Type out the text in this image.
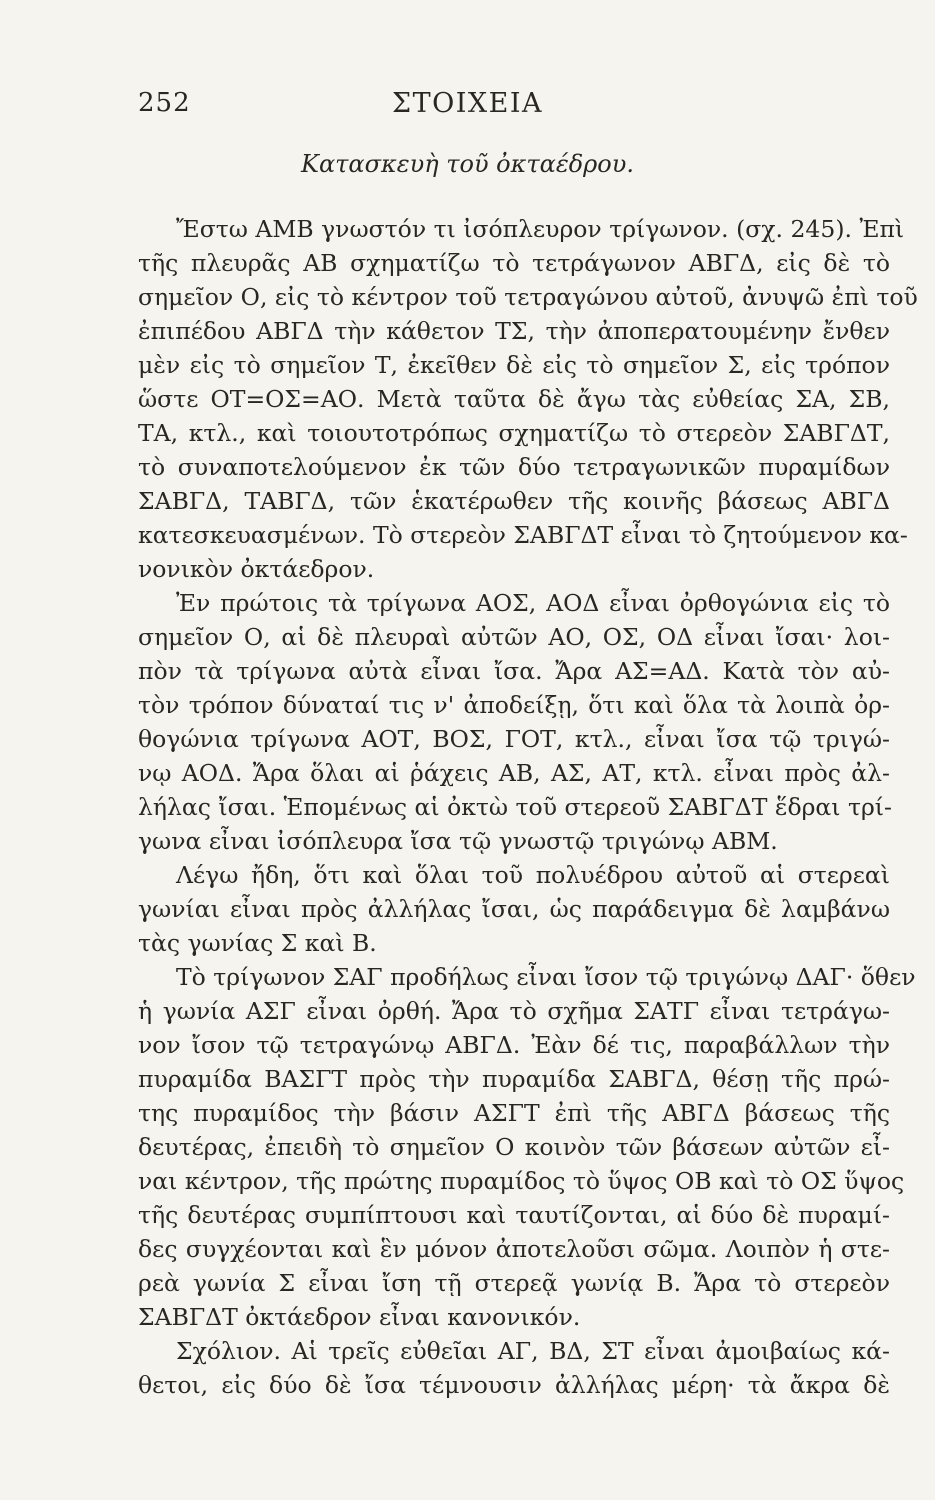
252	ΣΤΟΙΧΕΙΑ
Κατασκευὴ τοῦ ὀκταέδρου.
Ἔστω ΑΜΒ γνωστόν τι ἰσόπλευρον τρίγωνον. (σχ. 245). Ἐπὶ
τῆς πλευρᾶς ΑΒ σχηματίζω τὸ τετράγωνον ΑΒΓΔ, εἰς δὲ τὸ
σημεῖον Ο, εἰς τὸ κέντρον τοῦ τετραγώνου αὐτοῦ, ἀνυψῶ ἐπὶ τοῦ
ἐπιπέδου ΑΒΓΔ τὴν κάθετον ΤΣ, τὴν ἀποπερατουμένην ἔνθεν
μὲν εἰς τὸ σημεῖον Τ, ἐκεῖθεν δὲ εἰς τὸ σημεῖον Σ, εἰς τρόπον
ὥστε ΟΤ=ΟΣ=ΑΟ. Μετὰ ταῦτα δὲ ἄγω τὰς εὐθείας ΣΑ, ΣΒ,
ΤΑ, κτλ., καὶ τοιουτοτρόπως σχηματίζω τὸ στερεὸν ΣΑΒΓΔΤ,
τὸ συναποτελούμενον ἐκ τῶν δύο τετραγωνικῶν πυραμίδων
ΣΑΒΓΔ, ΤΑΒΓΔ, τῶν ἑκατέρωθεν τῆς κοινῆς βάσεως ΑΒΓΔ
κατεσκευασμένων. Τὸ στερεὸν ΣΑΒΓΔΤ εἶναι τὸ ζητούμενον κα-
νονικὸν ὀκτάεδρον.
Ἐν πρώτοις τὰ τρίγωνα ΑΟΣ, ΑΟΔ εἶναι ὀρθογώνια εἰς τὸ
σημεῖον Ο, αἱ δὲ πλευραὶ αὐτῶν ΑΟ, ΟΣ, ΟΔ εἶναι ἴσαι· λοι-
πὸν τὰ τρίγωνα αὐτὰ εἶναι ἴσα. Ἄρα ΑΣ=ΑΔ. Κατὰ τὸν αὐ-
τὸν τρόπον δύναταί τις ν' ἀποδείξῃ, ὅτι καὶ ὅλα τὰ λοιπὰ ὀρ-
θογώνια τρίγωνα ΑΟΤ, ΒΟΣ, ΓΟΤ, κτλ., εἶναι ἴσα τῷ τριγώ-
νῳ ΑΟΔ. Ἄρα ὅλαι αἱ ῥάχεις ΑΒ, ΑΣ, ΑΤ, κτλ. εἶναι πρὸς ἀλ-
λήλας ἴσαι. Ἑπομένως αἱ ὀκτὼ τοῦ στερεοῦ ΣΑΒΓΔΤ ἕδραι τρί-
γωνα εἶναι ἰσόπλευρα ἴσα τῷ γνωστῷ τριγώνῳ ΑΒΜ.
Λέγω ἤδη, ὅτι καὶ ὅλαι τοῦ πολυέδρου αὐτοῦ αἱ στερεαὶ
γωνίαι εἶναι πρὸς ἀλλήλας ἴσαι, ὡς παράδειγμα δὲ λαμβάνω
τὰς γωνίας Σ καὶ Β.
Τὸ τρίγωνον ΣΑΓ προδήλως εἶναι ἴσον τῷ τριγώνῳ ΔΑΓ· ὅθεν
ἡ γωνία ΑΣΓ εἶναι ὀρθή. Ἄρα τὸ σχῆμα ΣΑΤΓ εἶναι τετράγω-
νον ἴσον τῷ τετραγώνῳ ΑΒΓΔ. Ἐὰν δέ τις, παραβάλλων τὴν
πυραμίδα ΒΑΣΓΤ πρὸς τὴν πυραμίδα ΣΑΒΓΔ, θέσῃ τῆς πρώ-
της πυραμίδος τὴν βάσιν ΑΣΓΤ ἐπὶ τῆς ΑΒΓΔ βάσεως τῆς
δευτέρας, ἐπειδὴ τὸ σημεῖον Ο κοινὸν τῶν βάσεων αὐτῶν εἶ-
ναι κέντρον, τῆς πρώτης πυραμίδος τὸ ὕψος ΟΒ καὶ τὸ ΟΣ ὕψος
τῆς δευτέρας συμπίπτουσι καὶ ταυτίζονται, αἱ δύο δὲ πυραμί-
δες συγχέονται καὶ ἓν μόνον ἀποτελοῦσι σῶμα. Λοιπὸν ἡ στε-
ρεὰ γωνία Σ εἶναι ἴση τῇ στερεᾷ γωνίᾳ Β. Ἄρα τὸ στερεὸν
ΣΑΒΓΔΤ ὀκτάεδρον εἶναι κανονικόν.
Σχόλιον. Αἱ τρεῖς εὐθεῖαι ΑΓ, ΒΔ, ΣΤ εἶναι ἀμοιβαίως κά-
θετοι, εἰς δύο δὲ ἴσα τέμνουσιν ἀλλήλας μέρη· τὰ ἄκρα δὲ
